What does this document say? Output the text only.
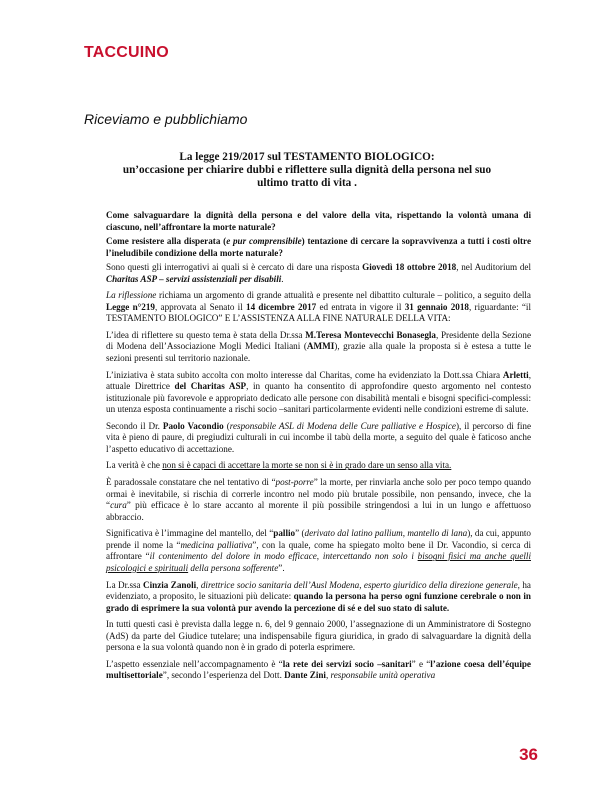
TACCUINO
Riceviamo e pubblichiamo
La legge 219/2017 sul TESTAMENTO BIOLOGICO:
un’occasione per chiarire dubbi e riflettere sulla dignità della persona nel suo
ultimo tratto di vita .

Come salvaguardare la dignità della persona e del valore della vita, rispettando la volontà umana di ciascuno, nell’affrontare la morte naturale?

Come resistere alla disperata (e pur comprensibile) tentazione di cercare la sopravvivenza a tutti i costi oltre l’ineludibile condizione della morte naturale?

Sono questi gli interrogativi ai quali si è cercato di dare una risposta Giovedì 18 ottobre 2018, nel Auditorium del Charitas ASP – servizi assistenziali per disabili.

La riflessione richiama un argomento di grande attualità e presente nel dibattito culturale – politico, a seguito della Legge n°219, approvata al Senato il 14 dicembre 2017 ed entrata in vigore il 31 gennaio 2018, riguardante: “il TESTAMENTO BIOLOGICO” E L’ASSISTENZA ALLA FINE NATURALE DELLA VITA:

L’idea di riflettere su questo tema è stata della Dr.ssa M.Teresa Montevecchi Bonasegla, Presidente della Sezione di Modena dell’Associazione Mogli Medici Italiani (AMMI), grazie alla quale la proposta si è estesa a tutte le sezioni presenti sul territorio nazionale.

L’iniziativa è stata subito accolta con molto interesse dal Charitas, come ha evidenziato la Dott.ssa Chiara Arletti, attuale Direttrice del Charitas ASP, in quanto ha consentito di approfondire questo argomento nel contesto istituzionale più favorevole e appropriato dedicato alle persone con disabilità mentali e bisogni specifici-complessi: un utenza esposta continuamente a rischi socio –sanitari particolarmente evidenti nelle condizioni estreme di salute.

Secondo il Dr. Paolo Vacondio (responsabile ASL di Modena delle Cure palliative e Hospice), il percorso di fine vita è pieno di paure, di pregiudizi culturali in cui incombe il tabù della morte, a seguito del quale è faticoso anche l’aspetto educativo di accettazione.

La verità è che non si è capaci di accettare la morte se non si è in grado dare un senso alla vita.

È paradossale constatare che nel tentativo di “post-porre” la morte, per rinviarla anche solo per poco tempo quando ormai è inevitabile, si rischia di correrle incontro nel modo più brutale possibile, non pensando, invece, che la “cura” più efficace è lo stare accanto al morente il più possibile stringendosi a lui in un lungo e affettuoso abbraccio.

Significativa è l’immagine del mantello, del “pallio” (derivato dal latino pallium, mantello di lana), da cui, appunto prende il nome la “medicina palliativa”, con la quale, come ha spiegato molto bene il Dr. Vacondio, si cerca di affrontare “il contenimento del dolore in modo efficace, intercettando non solo i bisogni fisici ma anche quelli psicologici e spirituali della persona sofferente”.

La Dr.ssa Cinzia Zanoli, direttrice socio sanitaria dell’Ausl Modena, esperto giuridico della direzione generale, ha evidenziato, a proposito, le situazioni più delicate: quando la persona ha perso ogni funzione cerebrale o non in grado di esprimere la sua volontà pur avendo la percezione di sé e del suo stato di salute.

In tutti questi casi è prevista dalla legge n. 6, del 9 gennaio 2000, l’assegnazione di un Amministratore di Sostegno (AdS) da parte del Giudice tutelare; una indispensabile figura giuridica, in grado di salvaguardare la dignità della persona e la sua volontà quando non è in grado di poterla esprimere.

L’aspetto essenziale nell’accompagnamento è “la rete dei servizi socio –sanitari” e “l’azione coesa dell’équipe multisettoriale”, secondo l’esperienza del Dott. Dante Zini, responsabile unità operativa

36
